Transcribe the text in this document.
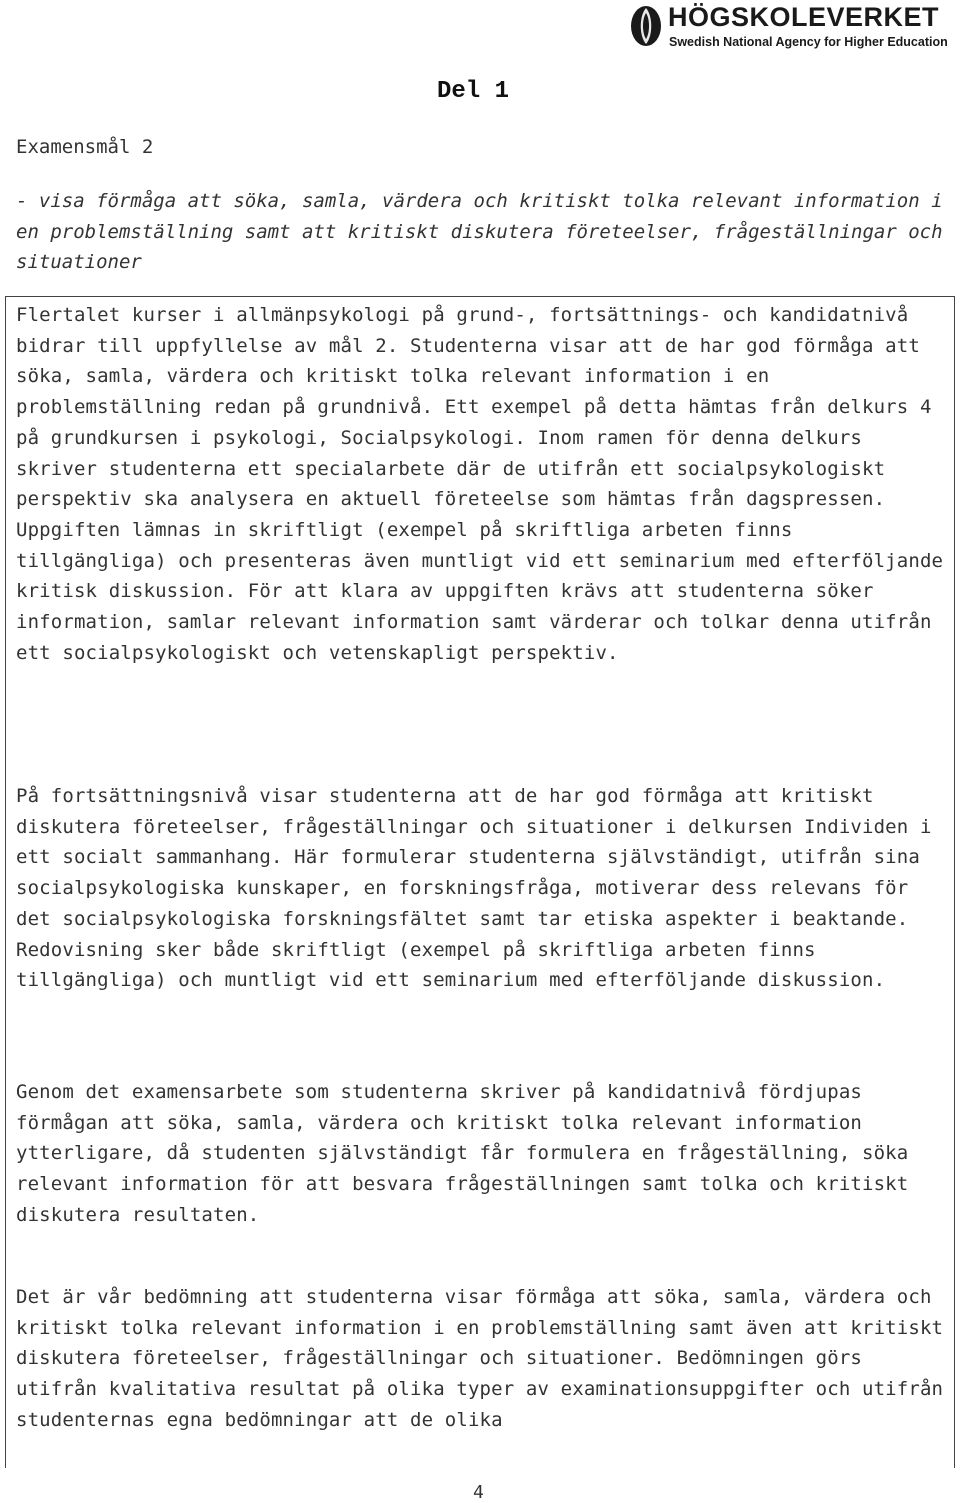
HÖGSKOLEVERKET
Swedish National Agency for Higher Education
Del 1

Examensmål 2

- visa förmåga att söka, samla, värdera och kritiskt tolka relevant information i en problemställning samt att kritiskt diskutera företeelser, frågeställningar och situationer

Flertalet kurser i allmänpsykologi på grund-, fortsättnings- och kandidatnivå bidrar till uppfyllelse av mål 2. Studenterna visar att de har god förmåga att söka, samla, värdera och kritiskt tolka relevant information i en problemställning redan på grundnivå. Ett exempel på detta hämtas från delkurs 4 på grundkursen i psykologi, Socialpsykologi. Inom ramen för denna delkurs skriver studenterna ett specialarbete där de utifrån ett socialpsykologiskt perspektiv ska analysera en aktuell företeelse som hämtas från dagspressen. Uppgiften lämnas in skriftligt (exempel på skriftliga arbeten finns tillgängliga) och presenteras även muntligt vid ett seminarium med efterföljande kritisk diskussion. För att klara av uppgiften krävs att studenterna söker information, samlar relevant information samt värderar och tolkar denna utifrån ett socialpsykologiskt och vetenskapligt perspektiv.

På fortsättningsnivå visar studenterna att de har god förmåga att kritiskt diskutera företeelser, frågeställningar och situationer i delkursen Individen i ett socialt sammanhang. Här formulerar studenterna självständigt, utifrån sina socialpsykologiska kunskaper, en forskningsfråga, motiverar dess relevans för det socialpsykologiska forskningsfältet samt tar etiska aspekter i beaktande. Redovisning sker både skriftligt (exempel på skriftliga arbeten finns tillgängliga) och muntligt vid ett seminarium med efterföljande diskussion.

Genom det examensarbete som studenterna skriver på kandidatnivå fördjupas förmågan att söka, samla, värdera och kritiskt tolka relevant information ytterligare, då studenten självständigt får formulera en frågeställning, söka relevant information för att besvara frågeställningen samt tolka och kritiskt diskutera resultaten.

Det är vår bedömning att studenterna visar förmåga att söka, samla, värdera och kritiskt tolka relevant information i en problemställning samt även att kritiskt diskutera företeelser, frågeställningar och situationer. Bedömningen görs utifrån kvalitativa resultat på olika typer av examinationsuppgifter och utifrån studenternas egna bedömningar att de olika

4
